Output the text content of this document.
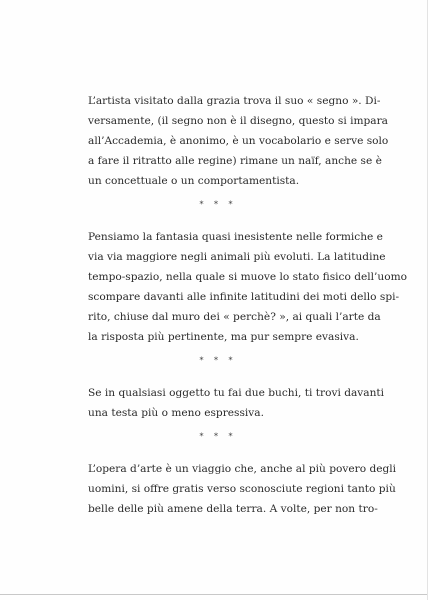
L’artista visitato dalla grazia trova il suo « segno ». Di-
versamente, (il segno non è il disegno, questo si impara
all’Accademia, è anonimo, è un vocabolario e serve solo
a fare il ritratto alle regine) rimane un naïf, anche se è
un concettuale o un comportamentista.

* * *

Pensiamo la fantasia quasi inesistente nelle formiche e
via via maggiore negli animali più evoluti. La latitudine
tempo-spazio, nella quale si muove lo stato fisico dell’uomo
scompare davanti alle infinite latitudini dei moti dello spi-
rito, chiuse dal muro dei « perchè? », ai quali l’arte da
la risposta più pertinente, ma pur sempre evasiva.

* * *

Se in qualsiasi oggetto tu fai due buchi, ti trovi davanti
una testa più o meno espressiva.

* * *

L’opera d’arte è un viaggio che, anche al più povero degli
uomini, si offre gratis verso sconosciute regioni tanto più
belle delle più amene della terra. A volte, per non tro-
